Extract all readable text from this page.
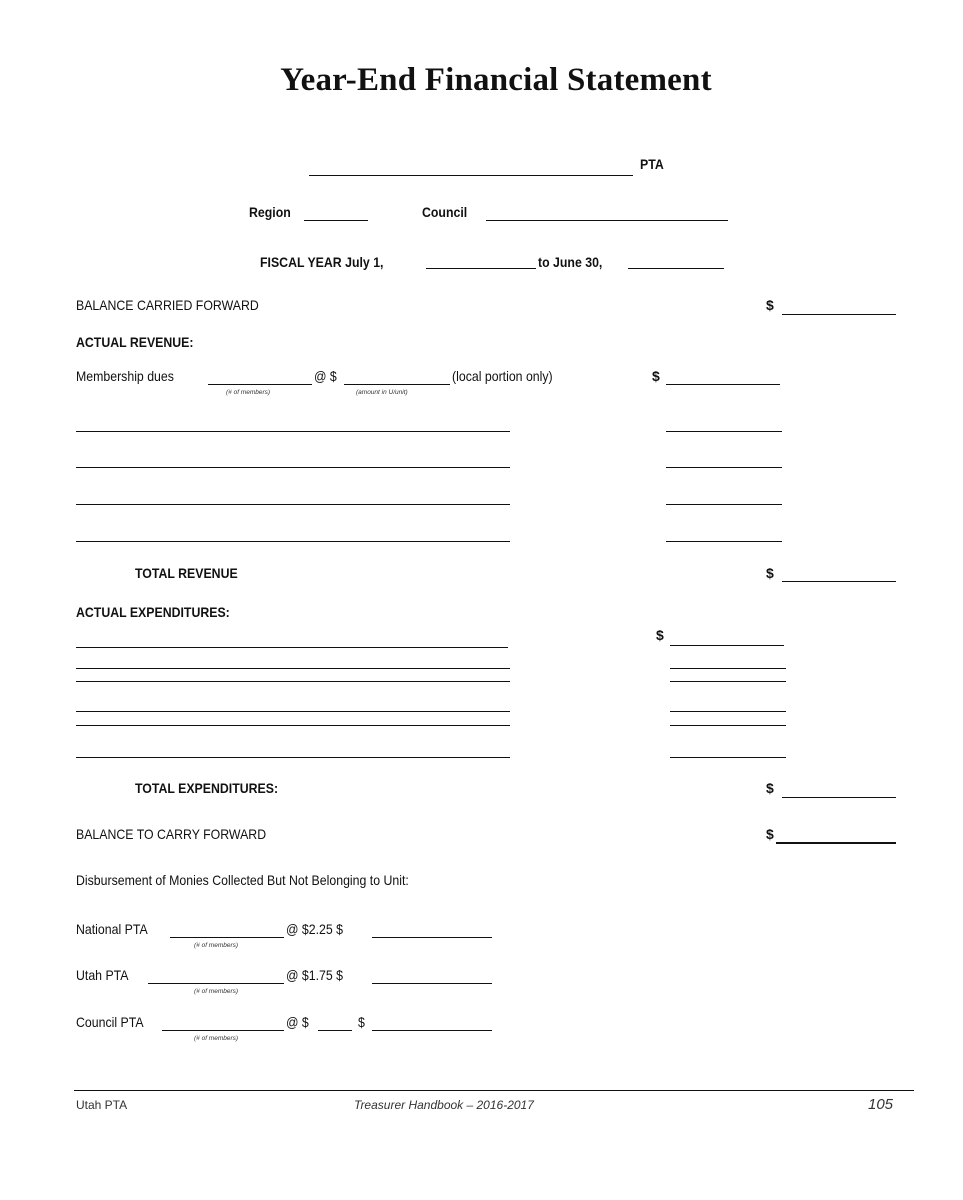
Year-End Financial Statement
PTA
Region	Council
FISCAL YEAR July 1,	to June 30,
BALANCE CARRIED FORWARD	$
ACTUAL REVENUE:
Membership dues	@ $	(local portion only)	$
(# of members)	(amount in U/unit)
TOTAL REVENUE	$
ACTUAL EXPENDITURES:
$
TOTAL EXPENDITURES:	$
BALANCE TO CARRY FORWARD	$
Disbursement of Monies Collected But Not Belonging to Unit:
National PTA	@ $2.25 $
(# of members)
Utah PTA	@ $1.75 $
(# of members)
Council PTA	@ $	$
(# of members)
Utah PTA	Treasurer Handbook – 2016-2017	105
